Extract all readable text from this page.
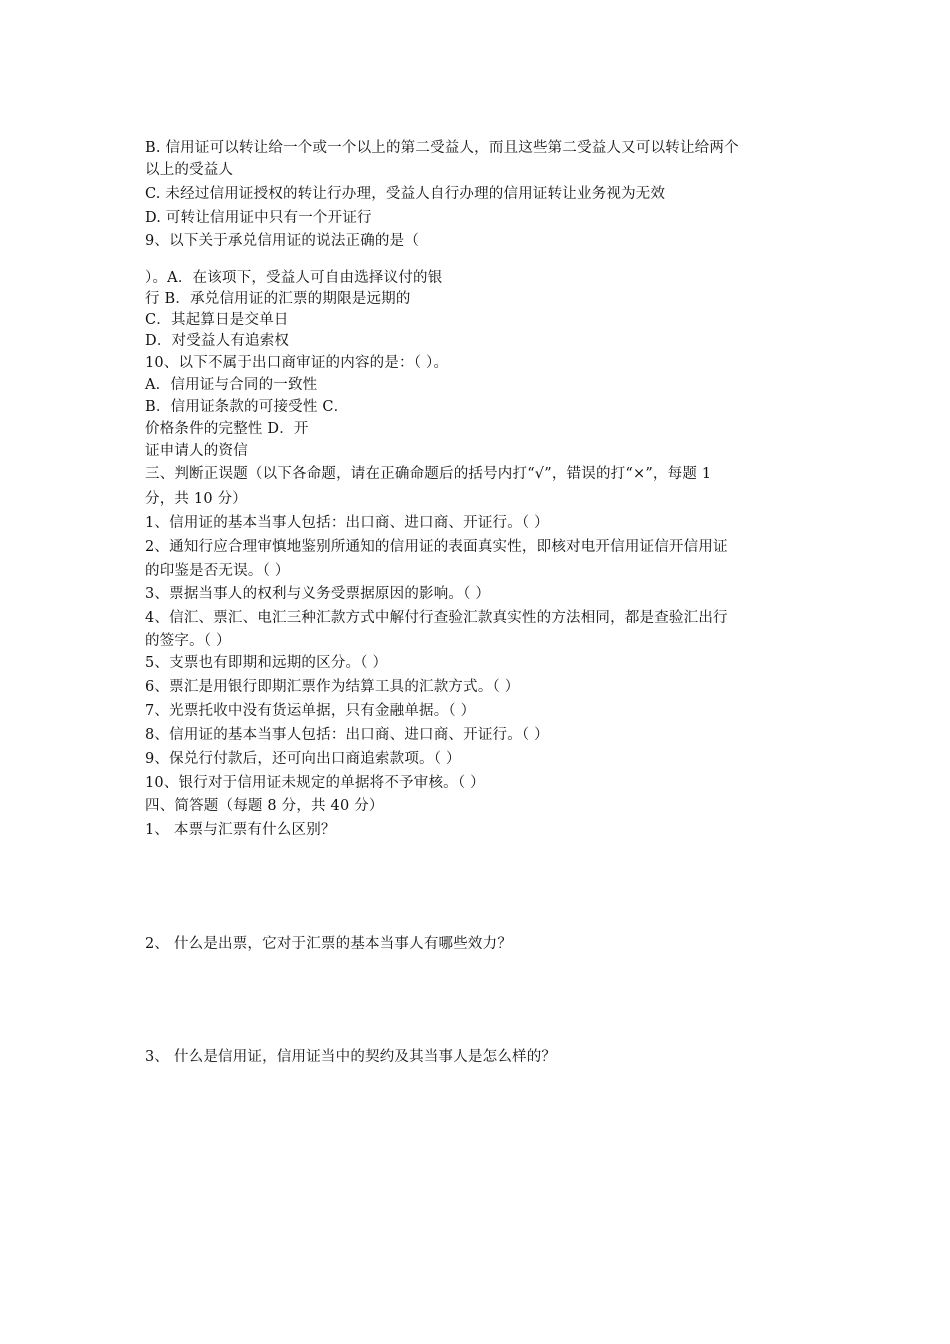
B. 信用证可以转让给一个或一个以上的第二受益人，而且这些第二受益人又可以转让给两个
以上的受益人
C. 未经过信用证授权的转让行办理，受益人自行办理的信用证转让业务视为无效
D. 可转让信用证中只有一个开证行
9、以下关于承兑信用证的说法正确的是（
）。A．在该项下，受益人可自由选择议付的银
行 B．承兑信用证的汇票的期限是远期的
C．其起算日是交单日
D．对受益人有追索权
10、以下不属于出口商审证的内容的是：（ ）。
A．信用证与合同的一致性
B．信用证条款的可接受性 C．
价格条件的完整性 D．开
证申请人的资信
三、判断正误题（以下各命题，请在正确命题后的括号内打“√”，错误的打“×”，每题 1
分，共 10 分）
1、信用证的基本当事人包括：出口商、进口商、开证行。（ ）
2、通知行应合理审慎地鉴别所通知的信用证的表面真实性，即核对电开信用证信开信用证
的印鉴是否无误。（ ）
3、票据当事人的权利与义务受票据原因的影响。（ ）
4、信汇、票汇、电汇三种汇款方式中解付行查验汇款真实性的方法相同，都是查验汇出行
的签字。（ ）
5、支票也有即期和远期的区分。（ ）
6、票汇是用银行即期汇票作为结算工具的汇款方式。（ ）
7、光票托收中没有货运单据，只有金融单据。（ ）
8、信用证的基本当事人包括：出口商、进口商、开证行。（ ）
9、保兑行付款后，还可向出口商追索款项。（ ）
10、银行对于信用证未规定的单据将不予审核。（ ）
四、简答题（每题 8 分，共 40 分）
1、 本票与汇票有什么区别？
2、 什么是出票，它对于汇票的基本当事人有哪些效力？
3、 什么是信用证，信用证当中的契约及其当事人是怎么样的？
